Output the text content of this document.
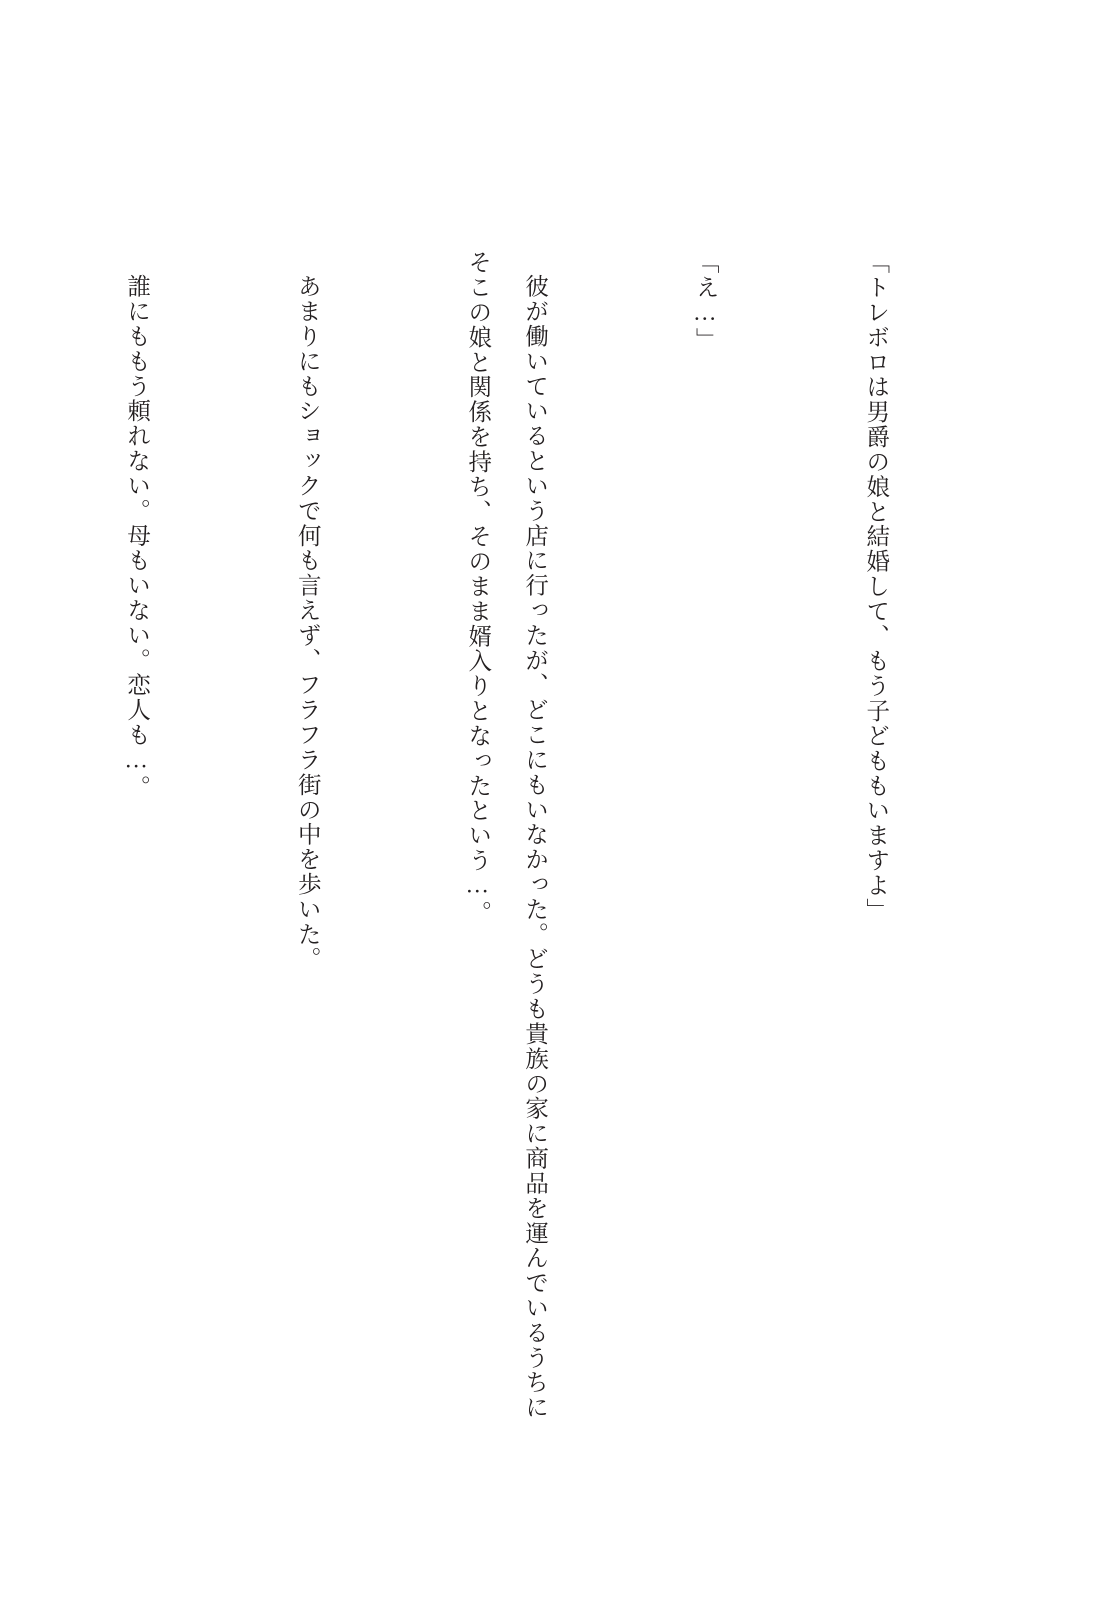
「トレボロは男爵の娘と結婚して、もう子どももいますよ」

「え…」

彼が働いているという店に行ったが、どこにもいなかった。どうも貴族の家に商品を運んでいるうちにそこの娘と関係を持ち、そのまま婿入りとなったという…。

あまりにもショックで何も言えず、フラフラ街の中を歩いた。

誰にももう頼れない。母もいない。恋人も…。
